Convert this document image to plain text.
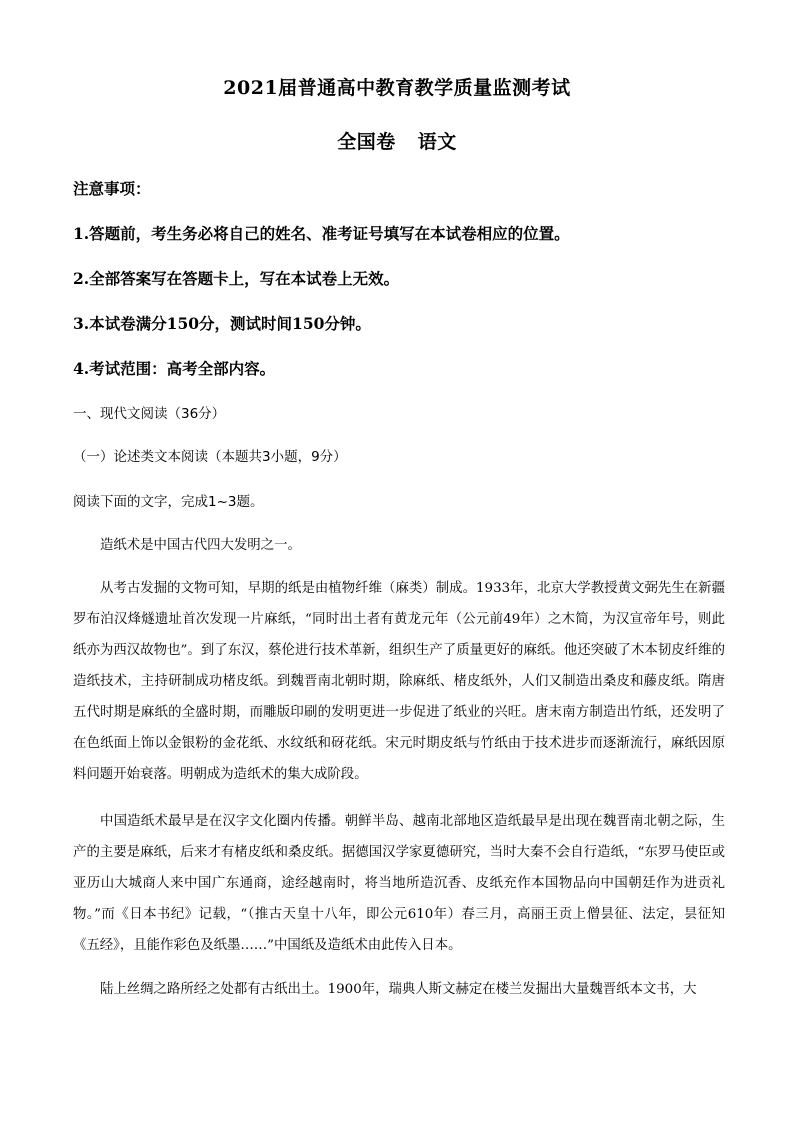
2021届普通高中教育教学质量监测考试
全国卷 语文
注意事项：
1.答题前，考生务必将自己的姓名、准考证号填写在本试卷相应的位置。
2.全部答案写在答题卡上，写在本试卷上无效。
3.本试卷满分150分，测试时间150分钟。
4.考试范围：高考全部内容。
一、现代文阅读（36分）
（一）论述类文本阅读（本题共3小题，9分）
阅读下面的文字，完成1~3题。
造纸术是中国古代四大发明之一。
从考古发掘的文物可知，早期的纸是由植物纤维（麻类）制成。1933年，北京大学教授黄文弼先生在新疆罗布泊汉烽燧遗址首次发现一片麻纸，“同时出土者有黄龙元年（公元前49年）之木简，为汉宣帝年号，则此纸亦为西汉故物也”。到了东汉，蔡伦进行技术革新，组织生产了质量更好的麻纸。他还突破了木本韧皮纤维的造纸技术，主持研制成功楮皮纸。到魏晋南北朝时期，除麻纸、楮皮纸外，人们又制造出桑皮和藤皮纸。隋唐五代时期是麻纸的全盛时期，而雕版印刷的发明更进一步促进了纸业的兴旺。唐末南方制造出竹纸，还发明了在色纸面上饰以金银粉的金花纸、水纹纸和砑花纸。宋元时期皮纸与竹纸由于技术进步而逐渐流行，麻纸因原料问题开始衰落。明朝成为造纸术的集大成阶段。
中国造纸术最早是在汉字文化圈内传播。朝鲜半岛、越南北部地区造纸最早是出现在魏晋南北朝之际，生产的主要是麻纸，后来才有楮皮纸和桑皮纸。据德国汉学家夏德研究，当时大秦不会自行造纸，“东罗马使臣或亚历山大城商人来中国广东通商，途经越南时，将当地所造沉香、皮纸充作本国物品向中国朝廷作为进贡礼物。”而《日本书纪》记载，“（推古天皇十八年，即公元610年）春三月，高丽王贡上僧昙征、法定，昙征知《五经》，且能作彩色及纸墨……”中国纸及造纸术由此传入日本。
陆上丝绸之路所经之处都有古纸出土。1900年，瑞典人斯文赫定在楼兰发掘出大量魏晋纸本文书，大
